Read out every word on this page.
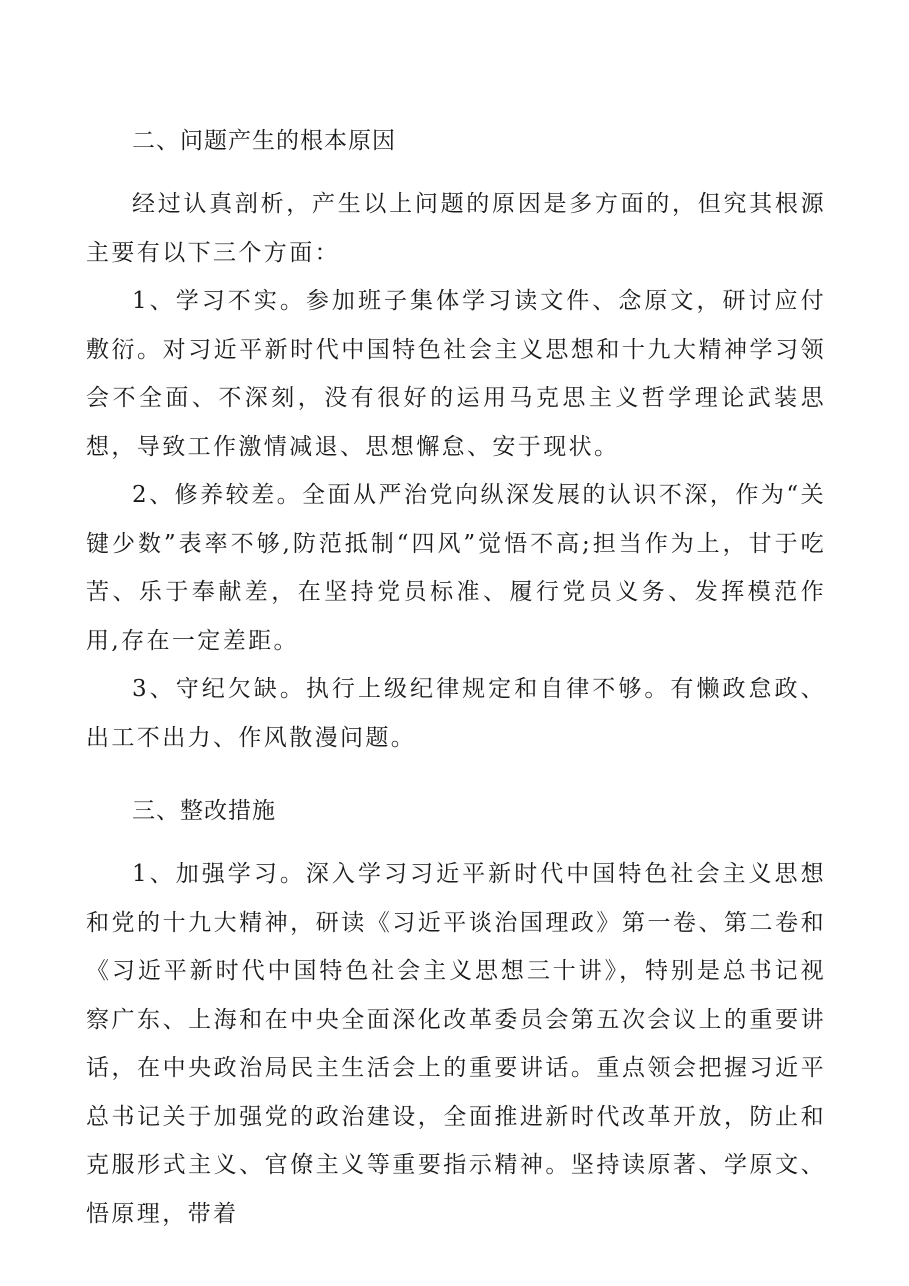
二、问题产生的根本原因

经过认真剖析，产生以上问题的原因是多方面的，但究其根源主要有以下三个方面：

1、学习不实。参加班子集体学习读文件、念原文，研讨应付敷衍。对习近平新时代中国特色社会主义思想和十九大精神学习领会不全面、不深刻，没有很好的运用马克思主义哲学理论武装思想，导致工作激情减退、思想懈怠、安于现状。

2、修养较差。全面从严治党向纵深发展的认识不深，作为“关键少数”表率不够,防范抵制“四风”觉悟不高;担当作为上，甘于吃苦、乐于奉献差，在坚持党员标准、履行党员义务、发挥模范作用,存在一定差距。

3、守纪欠缺。执行上级纪律规定和自律不够。有懒政怠政、出工不出力、作风散漫问题。

三、整改措施

1、加强学习。深入学习习近平新时代中国特色社会主义思想和党的十九大精神，研读《习近平谈治国理政》第一卷、第二卷和《习近平新时代中国特色社会主义思想三十讲》，特别是总书记视察广东、上海和在中央全面深化改革委员会第五次会议上的重要讲话，在中央政治局民主生活会上的重要讲话。重点领会把握习近平总书记关于加强党的政治建设，全面推进新时代改革开放，防止和克服形式主义、官僚主义等重要指示精神。坚持读原著、学原文、悟原理，带着
